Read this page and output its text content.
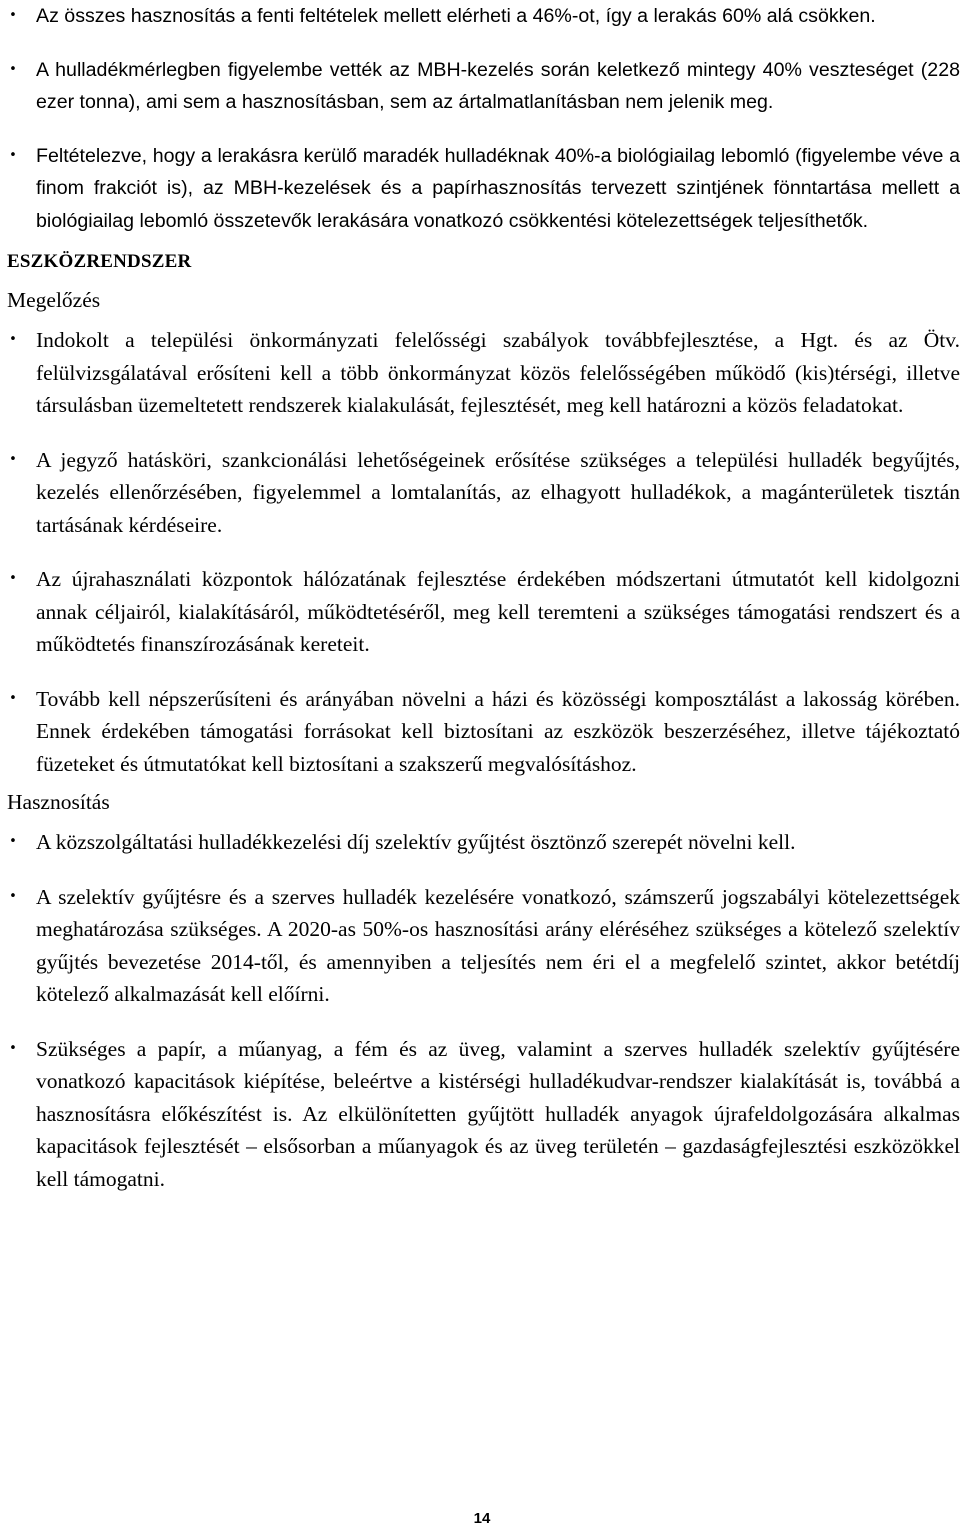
• Az összes hasznosítás a fenti feltételek mellett elérheti a 46%-ot, így a lerakás 60% alá csökken.
• A hulladékmérlegben figyelembe vették az MBH-kezelés során keletkező mintegy 40% veszteséget (228 ezer tonna), ami sem a hasznosításban, sem az ártalmatlanításban nem jelenik meg.
• Feltételezve, hogy a lerakásra kerülő maradék hulladéknak 40%-a biológiailag lebomló (figyelembe véve a finom frakciót is), az MBH-kezelések és a papírhasznosítás tervezett szintjének fönntartása mellett a biológiailag lebomló összetevők lerakására vonatkozó csökkentési kötelezettségek teljesíthetők.
ESZKÖZRENDSZER
Megelőzés
• Indokolt a települési önkormányzati felelősségi szabályok továbbfejlesztése, a Hgt. és az Ötv. felülvizsgálatával erősíteni kell a több önkormányzat közös felelősségében működő (kis)térségi, illetve társulásban üzemeltetett rendszerek kialakulását, fejlesztését, meg kell határozni a közös feladatokat.
• A jegyző hatásköri, szankcionálási lehetőségeinek erősítése szükséges a települési hulladék begyűjtés, kezelés ellenőrzésében, figyelemmel a lomtalanítás, az elhagyott hulladékok, a magánterületek tisztán tartásának kérdéseire.
• Az újrahasználati központok hálózatának fejlesztése érdekében módszertani útmutatót kell kidolgozni annak céljairól, kialakításáról, működtetéséről, meg kell teremteni a szükséges támogatási rendszert és a működtetés finanszírozásának kereteit.
• Tovább kell népszerűsíteni és arányában növelni a házi és közösségi komposztálást a lakosság körében. Ennek érdekében támogatási forrásokat kell biztosítani az eszközök beszerzéséhez, illetve tájékoztató füzeteket és útmutatókat kell biztosítani a szakszerű megvalósításhoz.
Hasznosítás
• A közszolgáltatási hulladékkezelési díj szelektív gyűjtést ösztönző szerepét növelni kell.
• A szelektív gyűjtésre és a szerves hulladék kezelésére vonatkozó, számszerű jogszabályi kötelezettségek meghatározása szükséges. A 2020-as 50%-os hasznosítási arány eléréséhez szükséges a kötelező szelektív gyűjtés bevezetése 2014-től, és amennyiben a teljesítés nem éri el a megfelelő szintet, akkor betétdíj kötelező alkalmazását kell előírni.
• Szükséges a papír, a műanyag, a fém és az üveg, valamint a szerves hulladék szelektív gyűjtésére vonatkozó kapacitások kiépítése, beleértve a kistérségi hulladékudvar-rendszer kialakítását is, továbbá a hasznosításra előkészítést is. Az elkülönítetten gyűjtött hulladék anyagok újrafeldolgozására alkalmas kapacitások fejlesztését – elsősorban a műanyagok és az üveg területén – gazdaságfejlesztési eszközökkel kell támogatni.
14
